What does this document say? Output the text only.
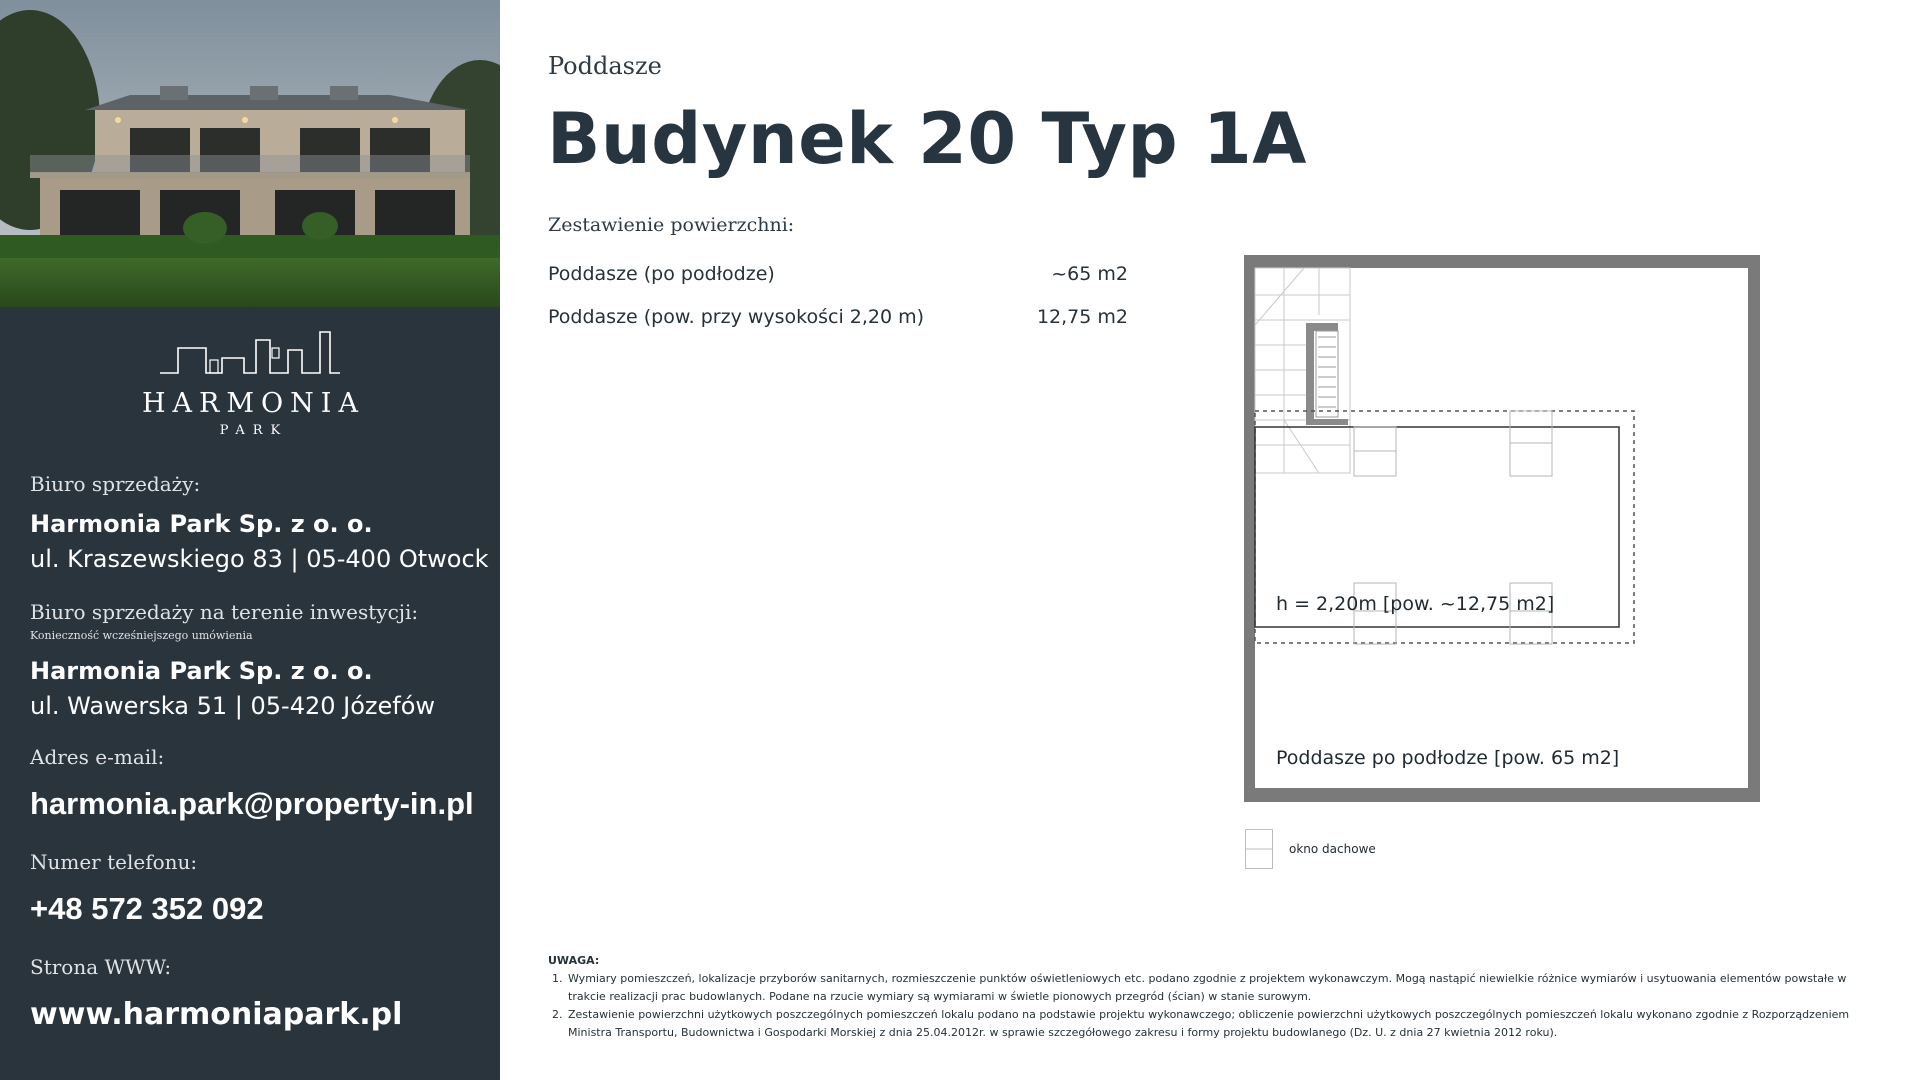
HARMONIA
PARK
Biuro sprzedaży:
Harmonia Park Sp. z o. o.
ul. Kraszewskiego 83 | 05-400 Otwock
Biuro sprzedaży na terenie inwestycji:
Konieczność wcześniejszego umówienia
Harmonia Park Sp. z o. o.
ul. Wawerska 51 | 05-420 Józefów
Adres e-mail:
harmonia.park@property-in.pl
Numer telefonu:
+48 572 352 092
Strona WWW:
www.harmoniapark.pl
Poddasze
Budynek 20 Typ 1A
Zestawienie powierzchni:
Poddasze (po podłodze)	~65 m2
Poddasze (pow. przy wysokości 2,20 m)	12,75 m2
h = 2,20m [pow. ~12,75 m2]
Poddasze po podłodze [pow. 65 m2]
okno dachowe
UWAGA:
1. Wymiary pomieszczeń, lokalizacje przyborów sanitarnych, rozmieszczenie punktów oświetleniowych etc. podano zgodnie z projektem wykonawczym. Mogą nastąpić niewielkie różnice wymiarów i usytuowania elementów powstałe w trakcie realizacji prac budowlanych. Podane na rzucie wymiary są wymiarami w świetle pionowych przegród (ścian) w stanie surowym.
2. Zestawienie powierzchni użytkowych poszczególnych pomieszczeń lokalu podano na podstawie projektu wykonawczego; obliczenie powierzchni użytkowych poszczególnych pomieszczeń lokalu wykonano zgodnie z Rozporządzeniem Ministra Transportu, Budownictwa i Gospodarki Morskiej z dnia 25.04.2012r. w sprawie szczegółowego zakresu i formy projektu budowlanego (Dz. U. z dnia 27 kwietnia 2012 roku).
